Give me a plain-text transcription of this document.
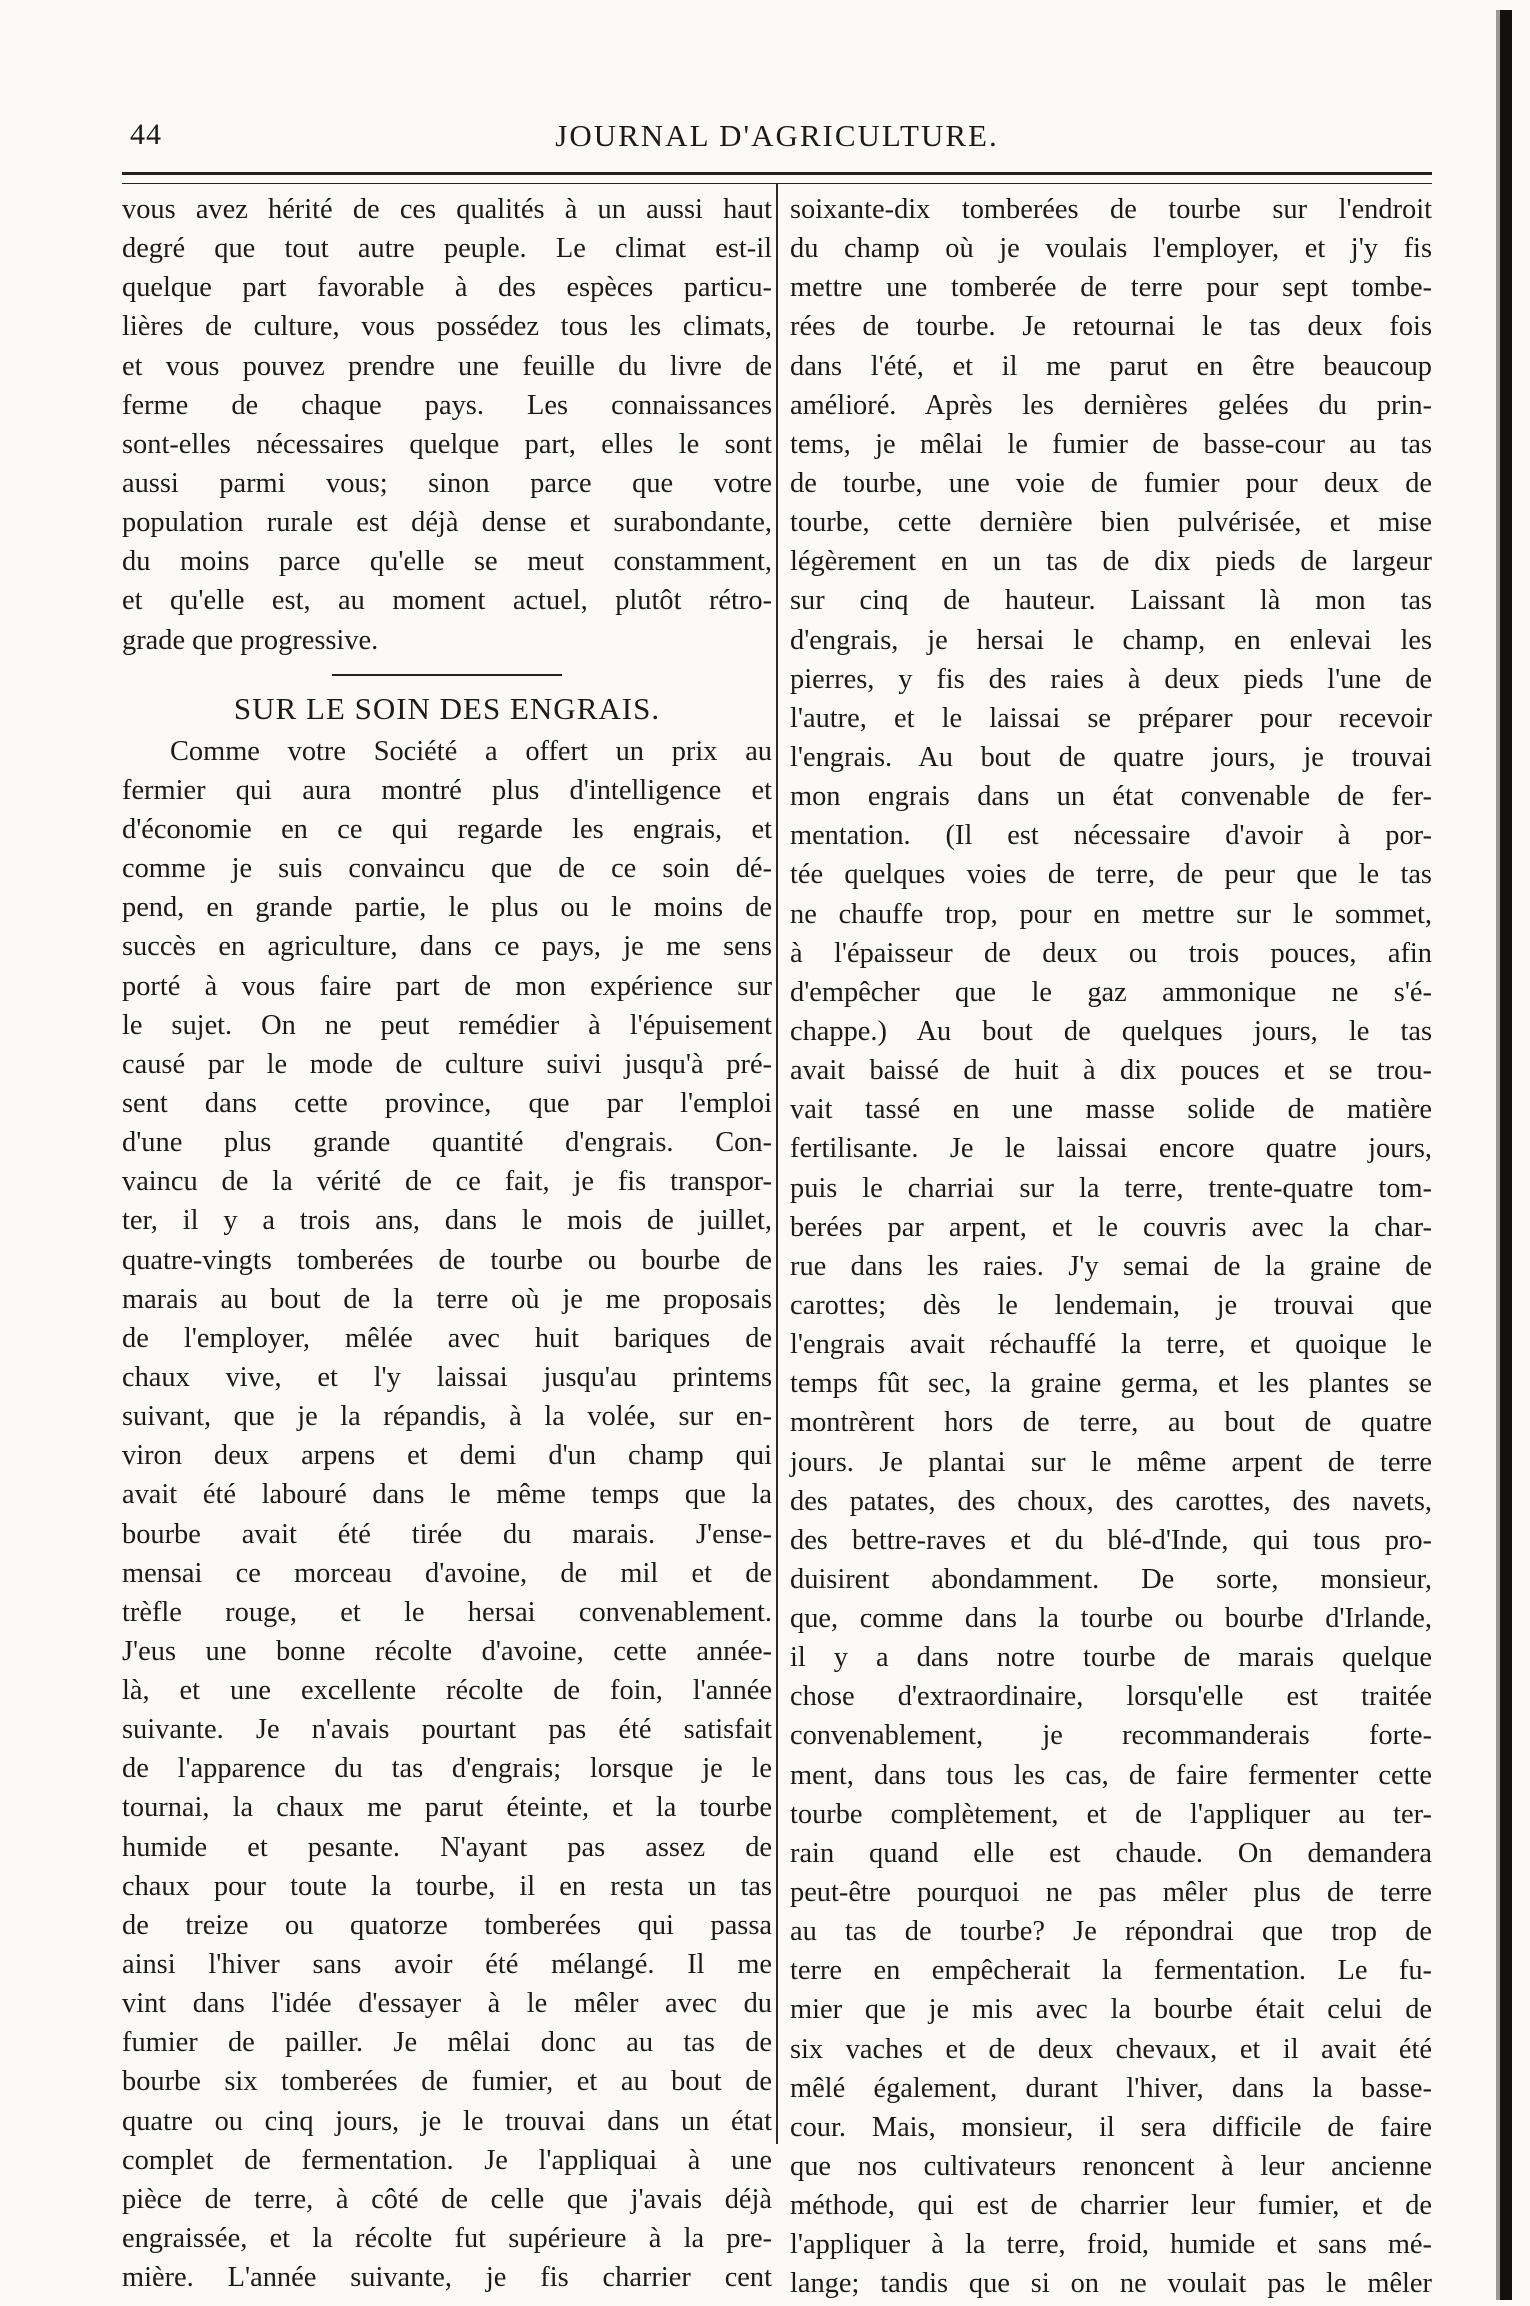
44	JOURNAL D'AGRICULTURE.
vous avez hérité de ces qualités à un aussi haut
degré que tout autre peuple. Le climat est-il
quelque part favorable à des espèces particu-
lières de culture, vous possédez tous les climats,
et vous pouvez prendre une feuille du livre de
ferme de chaque pays. Les connaissances
sont-elles nécessaires quelque part, elles le sont
aussi parmi vous; sinon parce que votre
population rurale est déjà dense et surabondante,
du moins parce qu'elle se meut constamment,
et qu'elle est, au moment actuel, plutôt rétro-
grade que progressive.
SUR LE SOIN DES ENGRAIS.
Comme votre Société a offert un prix au
fermier qui aura montré plus d'intelligence et
d'économie en ce qui regarde les engrais, et
comme je suis convaincu que de ce soin dé-
pend, en grande partie, le plus ou le moins de
succès en agriculture, dans ce pays, je me sens
porté à vous faire part de mon expérience sur
le sujet. On ne peut remédier à l'épuisement
causé par le mode de culture suivi jusqu'à pré-
sent dans cette province, que par l'emploi
d'une plus grande quantité d'engrais. Con-
vaincu de la vérité de ce fait, je fis transpor-
ter, il y a trois ans, dans le mois de juillet,
quatre-vingts tomberées de tourbe ou bourbe de
marais au bout de la terre où je me proposais
de l'employer, mêlée avec huit bariques de
chaux vive, et l'y laissai jusqu'au printems
suivant, que je la répandis, à la volée, sur en-
viron deux arpens et demi d'un champ qui
avait été labouré dans le même temps que la
bourbe avait été tirée du marais. J'ense-
mensai ce morceau d'avoine, de mil et de
trèfle rouge, et le hersai convenablement.
J'eus une bonne récolte d'avoine, cette année-
là, et une excellente récolte de foin, l'année
suivante. Je n'avais pourtant pas été satisfait
de l'apparence du tas d'engrais; lorsque je le
tournai, la chaux me parut éteinte, et la tourbe
humide et pesante. N'ayant pas assez de
chaux pour toute la tourbe, il en resta un tas
de treize ou quatorze tomberées qui passa
ainsi l'hiver sans avoir été mélangé. Il me
vint dans l'idée d'essayer à le mêler avec du
fumier de pailler. Je mêlai donc au tas de
bourbe six tomberées de fumier, et au bout de
quatre ou cinq jours, je le trouvai dans un état
complet de fermentation. Je l'appliquai à une
pièce de terre, à côté de celle que j'avais déjà
engraissée, et la récolte fut supérieure à la pre-
mière. L'année suivante, je fis charrier cent
soixante-dix tomberées de tourbe sur l'endroit
du champ où je voulais l'employer, et j'y fis
mettre une tomberée de terre pour sept tombe-
rées de tourbe. Je retournai le tas deux fois
dans l'été, et il me parut en être beaucoup
amélioré. Après les dernières gelées du prin-
tems, je mêlai le fumier de basse-cour au tas
de tourbe, une voie de fumier pour deux de
tourbe, cette dernière bien pulvérisée, et mise
légèrement en un tas de dix pieds de largeur
sur cinq de hauteur. Laissant là mon tas
d'engrais, je hersai le champ, en enlevai les
pierres, y fis des raies à deux pieds l'une de
l'autre, et le laissai se préparer pour recevoir
l'engrais. Au bout de quatre jours, je trouvai
mon engrais dans un état convenable de fer-
mentation. (Il est nécessaire d'avoir à por-
tée quelques voies de terre, de peur que le tas
ne chauffe trop, pour en mettre sur le sommet,
à l'épaisseur de deux ou trois pouces, afin
d'empêcher que le gaz ammonique ne s'é-
chappe.) Au bout de quelques jours, le tas
avait baissé de huit à dix pouces et se trou-
vait tassé en une masse solide de matière
fertilisante. Je le laissai encore quatre jours,
puis le charriai sur la terre, trente-quatre tom-
berées par arpent, et le couvris avec la char-
rue dans les raies. J'y semai de la graine de
carottes; dès le lendemain, je trouvai que
l'engrais avait réchauffé la terre, et quoique le
temps fût sec, la graine germa, et les plantes se
montrèrent hors de terre, au bout de quatre
jours. Je plantai sur le même arpent de terre
des patates, des choux, des carottes, des navets,
des bettre-raves et du blé-d'Inde, qui tous pro-
duisirent abondamment. De sorte, monsieur,
que, comme dans la tourbe ou bourbe d'Irlande,
il y a dans notre tourbe de marais quelque
chose d'extraordinaire, lorsqu'elle est traitée
convenablement, je recommanderais forte-
ment, dans tous les cas, de faire fermenter cette
tourbe complètement, et de l'appliquer au ter-
rain quand elle est chaude. On demandera
peut-être pourquoi ne pas mêler plus de terre
au tas de tourbe? Je répondrai que trop de
terre en empêcherait la fermentation. Le fu-
mier que je mis avec la bourbe était celui de
six vaches et de deux chevaux, et il avait été
mêlé également, durant l'hiver, dans la basse-
cour. Mais, monsieur, il sera difficile de faire
que nos cultivateurs renoncent à leur ancienne
méthode, qui est de charrier leur fumier, et de
l'appliquer à la terre, froid, humide et sans mé-
lange; tandis que si on ne voulait pas le mêler
